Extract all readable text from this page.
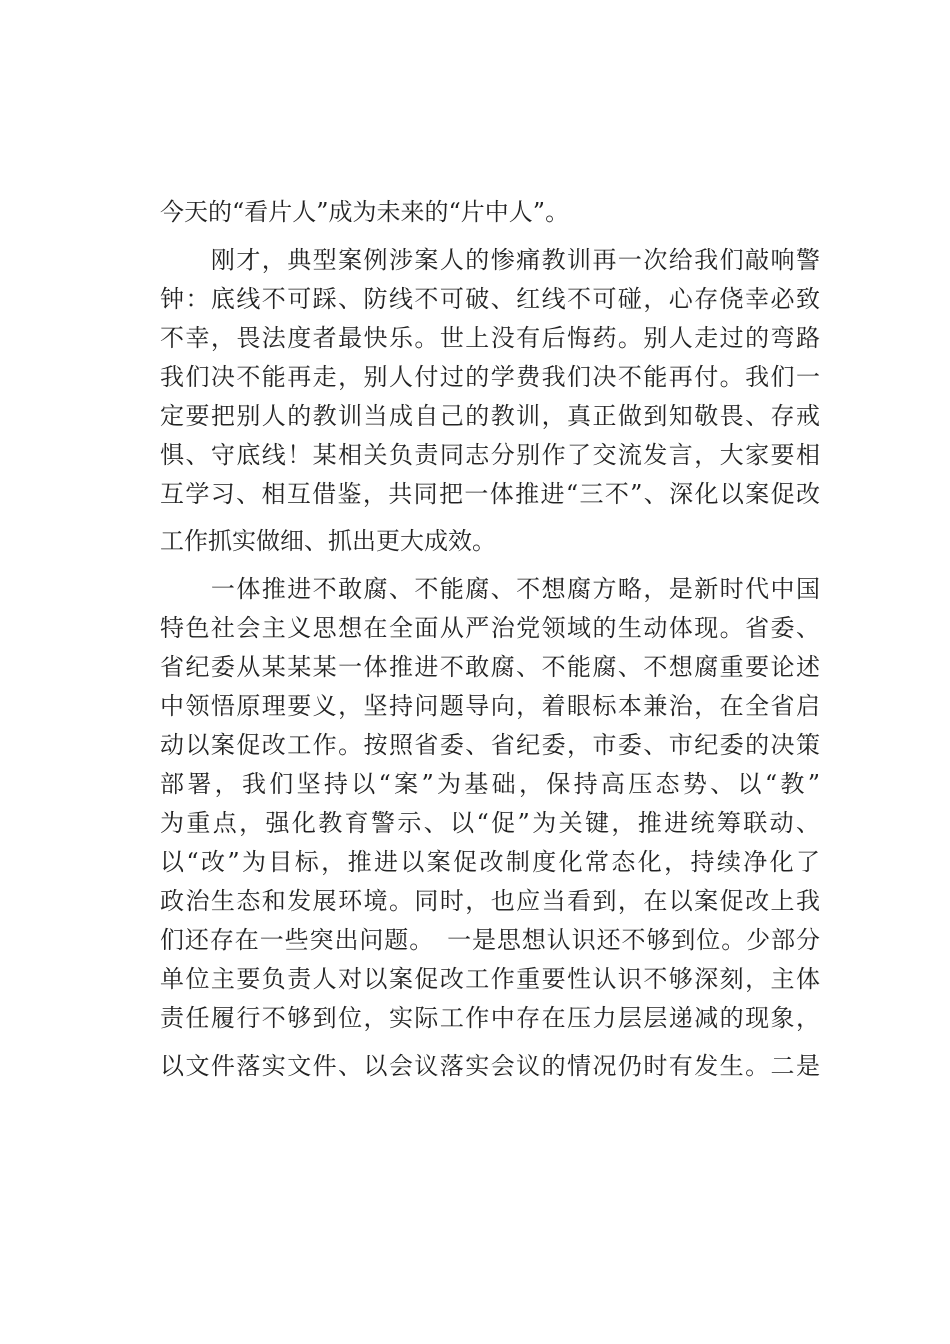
今天的“看片人”成为未来的“片中人”。
　　刚才，典型案例涉案人的惨痛教训再一次给我们敲响警
钟：底线不可踩、防线不可破、红线不可碰，心存侥幸必致
不幸，畏法度者最快乐。世上没有后悔药。别人走过的弯路
我们决不能再走，别人付过的学费我们决不能再付。我们一
定要把别人的教训当成自己的教训，真正做到知敬畏、存戒
惧、守底线！某相关负责同志分别作了交流发言，大家要相
互学习、相互借鉴，共同把一体推进“三不”、深化以案促改
工作抓实做细、抓出更大成效。
　　一体推进不敢腐、不能腐、不想腐方略，是新时代中国
特色社会主义思想在全面从严治党领域的生动体现。省委、
省纪委从某某某一体推进不敢腐、不能腐、不想腐重要论述
中领悟原理要义，坚持问题导向，着眼标本兼治，在全省启
动以案促改工作。按照省委、省纪委，市委、市纪委的决策
部署，我们坚持以“案”为基础，保持高压态势、以“教”
为重点，强化教育警示、以“促”为关键，推进统筹联动、
以“改”为目标，推进以案促改制度化常态化，持续净化了
政治生态和发展环境。同时，也应当看到，在以案促改上我
们还存在一些突出问题。　一是思想认识还不够到位。少部分
单位主要负责人对以案促改工作重要性认识不够深刻，主体
责任履行不够到位，实际工作中存在压力层层递减的现象，
以文件落实文件、以会议落实会议的情况仍时有发生。二是
